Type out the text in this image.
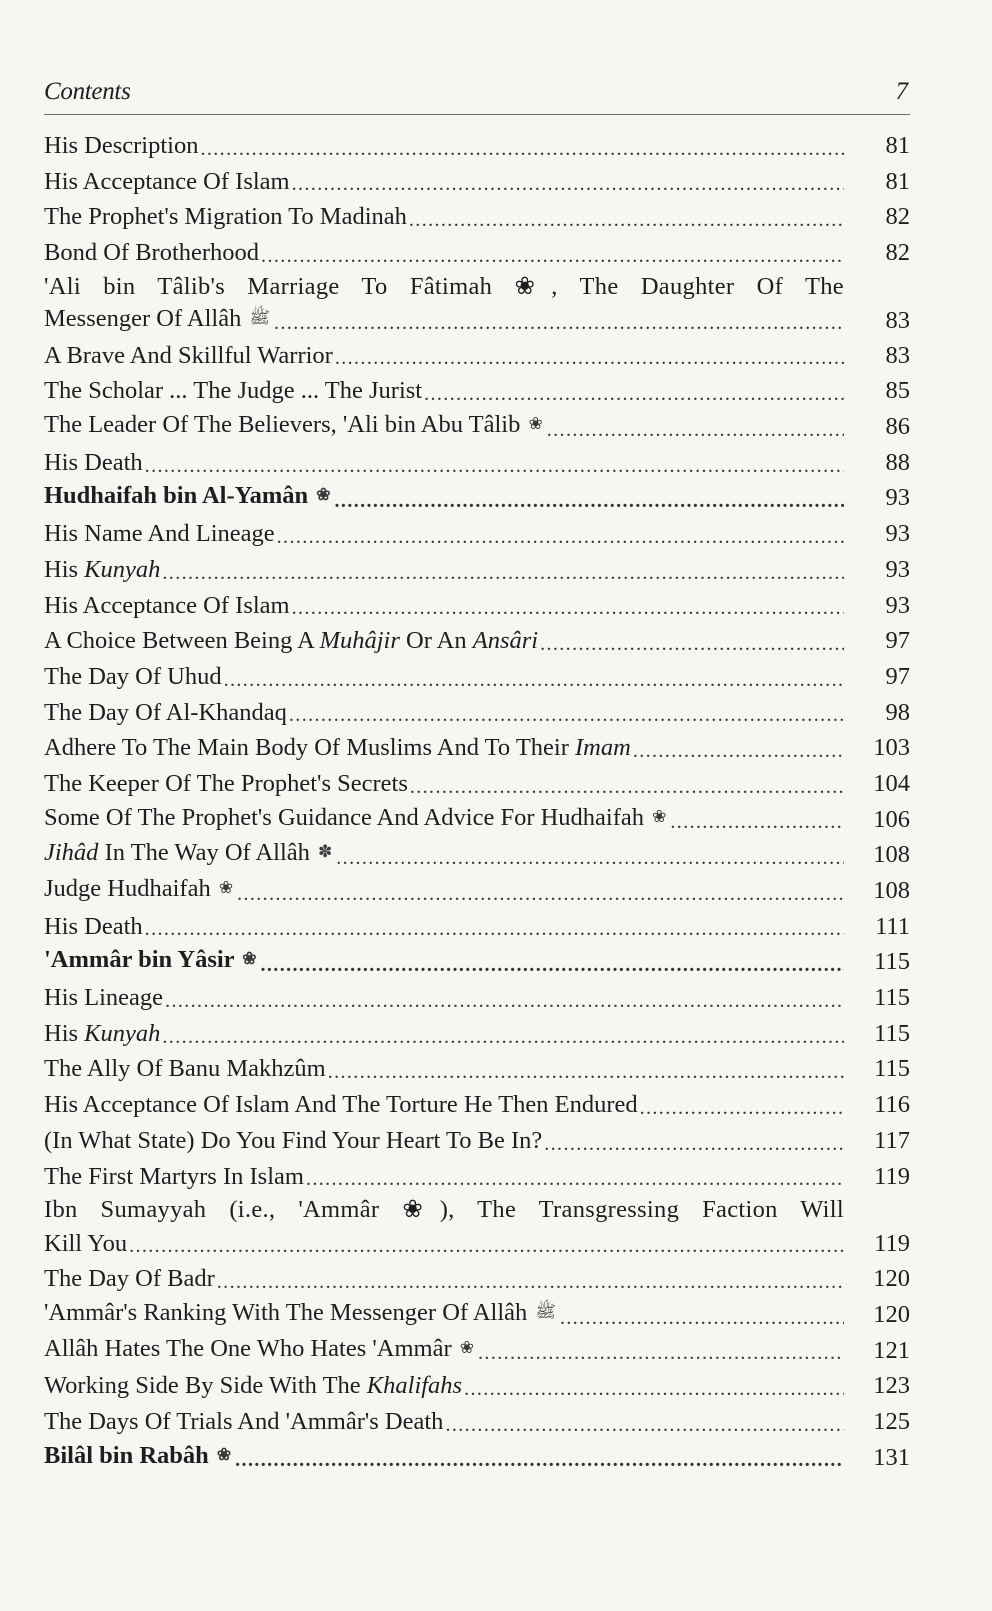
Contents	7
His Description .....	81
His Acceptance Of Islam .....	81
The Prophet's Migration To Madinah .....	82
Bond Of Brotherhood .....	82
'Ali bin Tâlib's Marriage To Fâtimah ❀, The Daughter Of The
Messenger Of Allâh ﷺ .....	83
A Brave And Skillful Warrior .....	83
The Scholar ... The Judge ... The Jurist .....	85
The Leader Of The Believers, 'Ali bin Abu Tâlib ❀ .....	86
His Death .....	88
Hudhaifah bin Al-Yamân ❀ .....	93
His Name And Lineage .....	93
His Kunyah .....	93
His Acceptance Of Islam .....	93
A Choice Between Being A Muhâjir Or An Ansâri .....	97
The Day Of Uhud .....	97
The Day Of Al-Khandaq .....	98
Adhere To The Main Body Of Muslims And To Their Imam .....	103
The Keeper Of The Prophet's Secrets .....	104
Some Of The Prophet's Guidance And Advice For Hudhaifah ❀ .....	106
Jihâd In The Way Of Allâh ✽ .....	108
Judge Hudhaifah ❀ .....	108
His Death .....	111
'Ammâr bin Yâsir ❀ .....	115
His Lineage .....	115
His Kunyah .....	115
The Ally Of Banu Makhzûm .....	115
His Acceptance Of Islam And The Torture He Then Endured .....	116
(In What State) Do You Find Your Heart To Be In? .....	117
The First Martyrs In Islam .....	119
Ibn Sumayyah (i.e., 'Ammâr ❀), The Transgressing Faction Will
Kill You .....	119
The Day Of Badr .....	120
'Ammâr's Ranking With The Messenger Of Allâh ﷺ .....	120
Allâh Hates The One Who Hates 'Ammâr ❀ .....	121
Working Side By Side With The Khalifahs .....	123
The Days Of Trials And 'Ammâr's Death .....	125
Bilâl bin Rabâh ❀ .....	131
